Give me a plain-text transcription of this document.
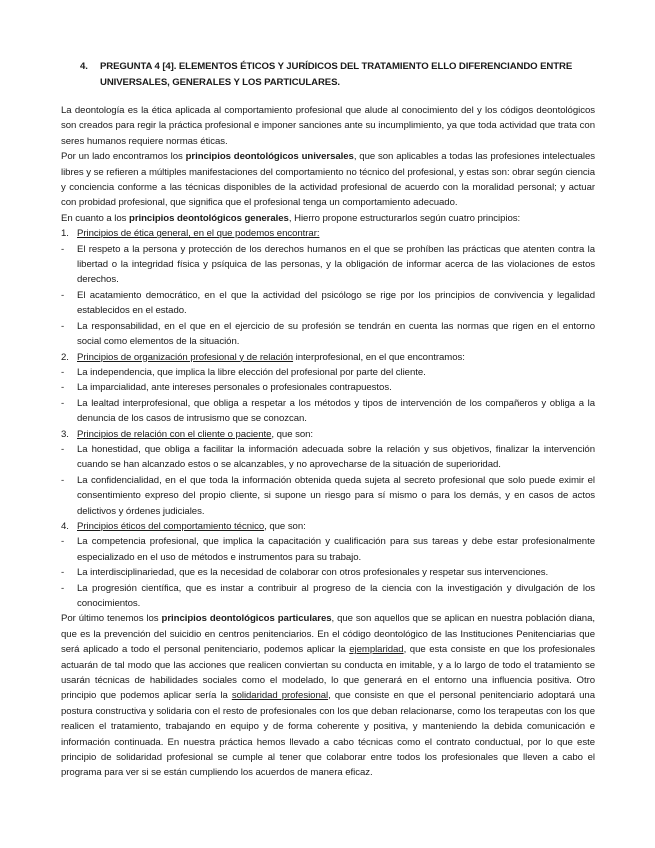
4.	PREGUNTA 4 [4]. ELEMENTOS ÉTICOS Y JURÍDICOS DEL TRATAMIENTO ELLO DIFERENCIANDO ENTRE UNIVERSALES, GENERALES Y LOS PARTICULARES.

La deontología es la ética aplicada al comportamiento profesional que alude al conocimiento del y los códigos deontológicos son creados para regir la práctica profesional e imponer sanciones ante su incumplimiento, ya que toda actividad que trata con seres humanos requiere normas éticas.

Por un lado encontramos los principios deontológicos universales, que son aplicables a todas las profesiones intelectuales libres y se refieren a múltiples manifestaciones del comportamiento no técnico del profesional, y estas son: obrar según ciencia y conciencia conforme a las técnicas disponibles de la actividad profesional de acuerdo con la moralidad personal; y actuar con probidad profesional, que significa que el profesional tenga un comportamiento adecuado.

En cuanto a los principios deontológicos generales, Hierro propone estructurarlos según cuatro principios:

1. Principios de ética general, en el que podemos encontrar:
-	El respeto a la persona y protección de los derechos humanos en el que se prohíben las prácticas que atenten contra la libertad o la integridad física y psíquica de las personas, y la obligación de informar acerca de las violaciones de estos derechos.
-	El acatamiento democrático, en el que la actividad del psicólogo se rige por los principios de convivencia y legalidad establecidos en el estado.
-	La responsabilidad, en el que en el ejercicio de su profesión se tendrán en cuenta las normas que rigen en el entorno social como elementos de la situación.
2. Principios de organización profesional y de relación interprofesional, en el que encontramos:
-	La independencia, que implica la libre elección del profesional por parte del cliente.
-	La imparcialidad, ante intereses personales o profesionales contrapuestos.
-	La lealtad interprofesional, que obliga a respetar a los métodos y tipos de intervención de los compañeros y obliga a la denuncia de los casos de intrusismo que se conozcan.
3. Principios de relación con el cliente o paciente, que son:
-	La honestidad, que obliga a facilitar la información adecuada sobre la relación y sus objetivos, finalizar la intervención cuando se han alcanzado estos o se alcanzables, y no aprovecharse de la situación de superioridad.
-	La confidencialidad, en el que toda la información obtenida queda sujeta al secreto profesional que solo puede eximir el consentimiento expreso del propio cliente, si supone un riesgo para sí mismo o para los demás, y en casos de actos delictivos y órdenes judiciales.
4. Principios éticos del comportamiento técnico, que son:
-	La competencia profesional, que implica la capacitación y cualificación para sus tareas y debe estar profesionalmente especializado en el uso de métodos e instrumentos para su trabajo.
-	La interdisciplinariedad, que es la necesidad de colaborar con otros profesionales y respetar sus intervenciones.
-	La progresión científica, que es instar a contribuir al progreso de la ciencia con la investigación y divulgación de los conocimientos.

Por último tenemos los principios deontológicos particulares, que son aquellos que se aplican en nuestra población diana, que es la prevención del suicidio en centros penitenciarios. En el código deontológico de las Instituciones Penitenciarias que será aplicado a todo el personal penitenciario, podemos aplicar la ejemplaridad, que esta consiste en que los profesionales actuarán de tal modo que las acciones que realicen conviertan su conducta en imitable, y a lo largo de todo el tratamiento se usarán técnicas de habilidades sociales como el modelado, lo que generará en el entorno una influencia positiva. Otro principio que podemos aplicar sería la solidaridad profesional, que consiste en que el personal penitenciario adoptará una postura constructiva y solidaria con el resto de profesionales con los que deban relacionarse, como los terapeutas con los que realicen el tratamiento, trabajando en equipo y de forma coherente y positiva, y manteniendo la debida comunicación e información continuada. En nuestra práctica hemos llevado a cabo técnicas como el contrato conductual, por lo que este principio de solidaridad profesional se cumple al tener que colaborar entre todos los profesionales que lleven a cabo el programa para ver si se están cumpliendo los acuerdos de manera eficaz.
